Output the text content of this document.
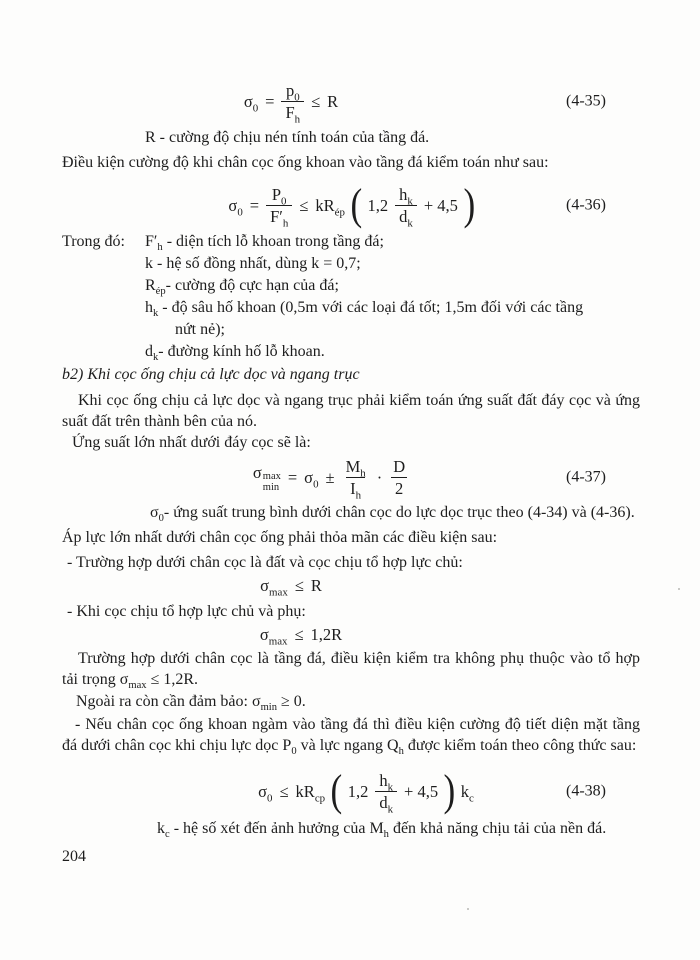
$\sigma_0 = \frac{p_0}{F_h} \le R$	(4-35)

R - cường độ chịu nén tính toán của tầng đá.

Điều kiện cường độ khi chân cọc ống khoan vào tầng đá kiểm toán như sau:

$\sigma_0 = \frac{P_0}{F'_h} \le kR_{ép}$ ( $1,2 \frac{h_k}{d_k} + 4,5$ )	(4-36)
Trong đó:	$F'_h$ - diện tích lỗ khoan trong tầng đá;
k - hệ số đồng nhất, dùng k = 0,7;
$R_{ép}-$ cường độ cực hạn của đá;
$h_k$ - độ sâu hố khoan (0,5m với các loại đá tốt; 1,5m đối với các tầng
nứt nẻ);
$d_k-$ đường kính hố lỗ khoan.

b2) Khi cọc ống chịu cả lực dọc và ngang trục

Khi cọc ống chịu cả lực dọc và ngang trục phải kiểm toán ứng suất đất đáy cọc và ứng suất đất trên thành bên của nó.

Ứng suất lớn nhất dưới đáy cọc sẽ là:

σ max
min
= $\sigma_0 \pm \frac{M_h}{I_h} \cdot \frac{D}{2}$	(4-37)

$\sigma_0-$ ứng suất trung bình dưới chân cọc do lực dọc trục theo (4-34) và (4-36).

Áp lực lớn nhất dưới chân cọc ống phải thỏa mãn các điều kiện sau:

- Trường hợp dưới chân cọc là đất và cọc chịu tổ hợp lực chủ:

$\sigma_{max} \le R$

- Khi cọc chịu tổ hợp lực chủ và phụ:

$\sigma_{max} \le 1,2R$

Trường hợp dưới chân cọc là tầng đá, điều kiện kiểm tra không phụ thuộc vào tổ hợp tải trọng $\sigma_{max} \le 1,2R$.

Ngoài ra còn cần đảm bảo: $\sigma_{min} \ge 0$.

- Nếu chân cọc ống khoan ngàm vào tầng đá thì điều kiện cường độ tiết diện mặt tầng đá dưới chân cọc khi chịu lực dọc $P_0$ và lực ngang $Q_h$ được kiểm toán theo công thức sau:

$\sigma_0 \le kR_{cp}$ ( $1,2 \frac{h_k}{d_k} + 4,5$ ) $k_c$	(4-38)

$k_c$ - hệ số xét đến ảnh hưởng của $M_h$ đến khả năng chịu tải của nền đá.

204
